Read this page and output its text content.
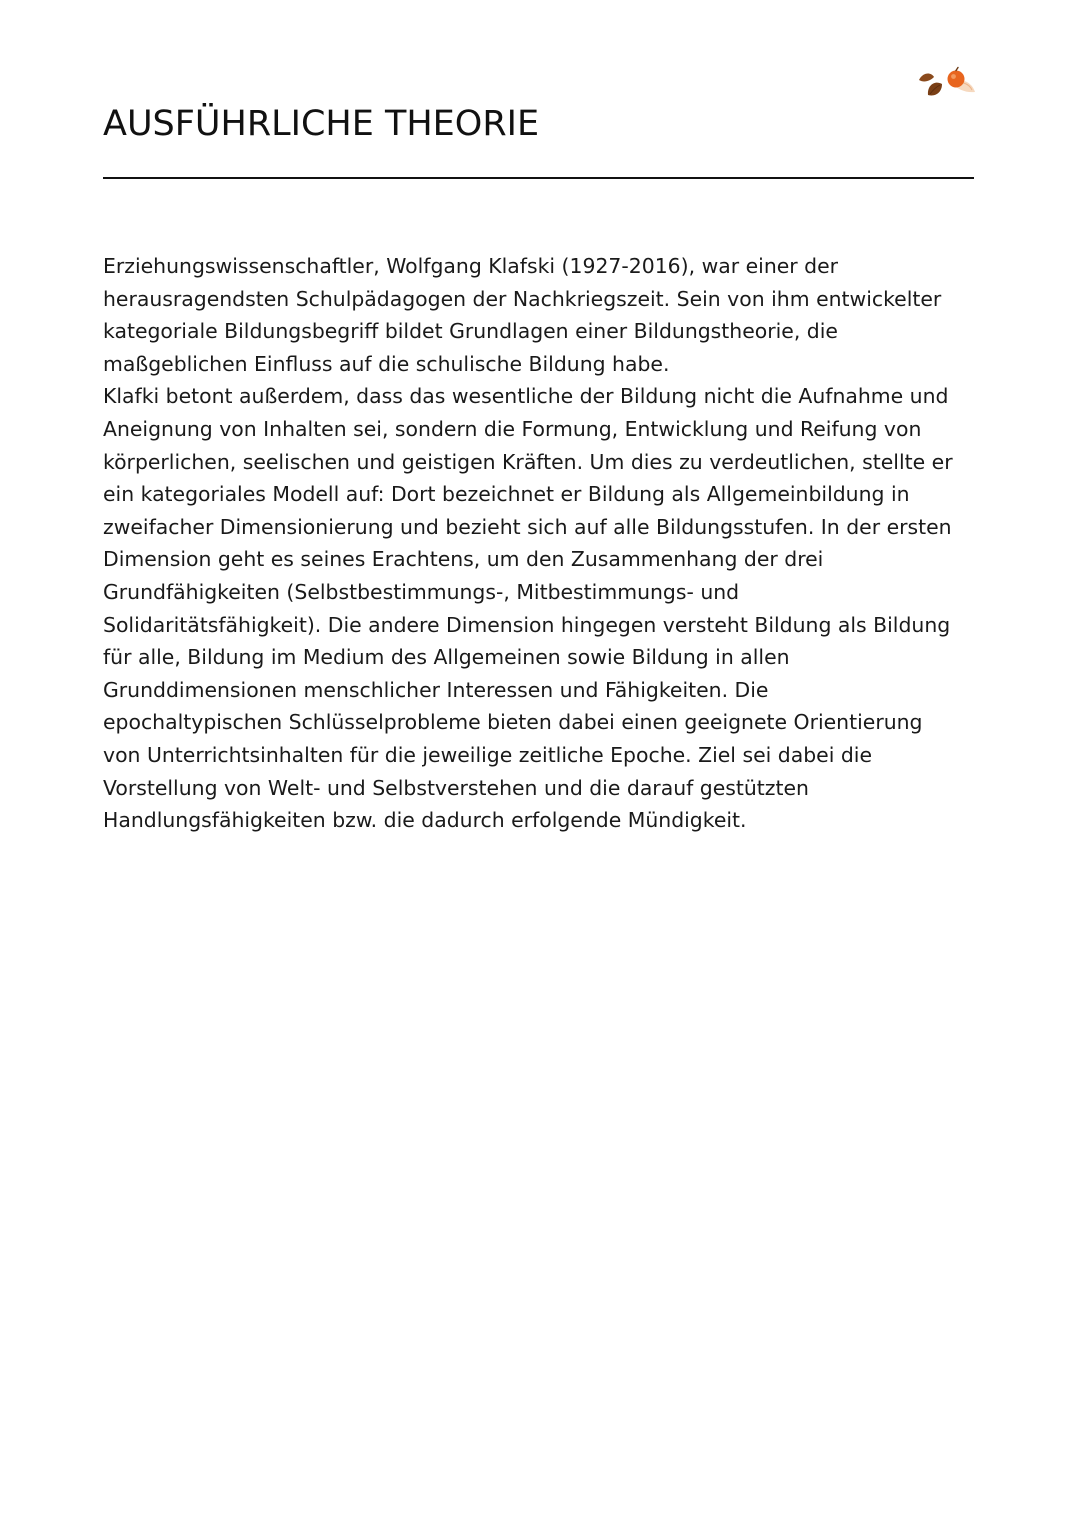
AUSFÜHRLICHE THEORIE

Erziehungswissenschaftler, Wolfgang Klafski (1927-2016), war einer der
herausragendsten Schulpädagogen der Nachkriegszeit. Sein von ihm entwickelter
kategoriale Bildungsbegriff bildet Grundlagen einer Bildungstheorie, die
maßgeblichen Einfluss auf die schulische Bildung habe.
Klafki betont außerdem, dass das wesentliche der Bildung nicht die Aufnahme und
Aneignung von Inhalten sei, sondern die Formung, Entwicklung und Reifung von
körperlichen, seelischen und geistigen Kräften. Um dies zu verdeutlichen, stellte er
ein kategoriales Modell auf: Dort bezeichnet er Bildung als Allgemeinbildung in
zweifacher Dimensionierung und bezieht sich auf alle Bildungsstufen. In der ersten
Dimension geht es seines Erachtens, um den Zusammenhang der drei
Grundfähigkeiten (Selbstbestimmungs-, Mitbestimmungs- und
Solidaritätsfähigkeit). Die andere Dimension hingegen versteht Bildung als Bildung
für alle, Bildung im Medium des Allgemeinen sowie Bildung in allen
Grunddimensionen menschlicher Interessen und Fähigkeiten. Die
epochaltypischen Schlüsselprobleme bieten dabei einen geeignete Orientierung
von Unterrichtsinhalten für die jeweilige zeitliche Epoche. Ziel sei dabei die
Vorstellung von Welt- und Selbstverstehen und die darauf gestützten
Handlungsfähigkeiten bzw. die dadurch erfolgende Mündigkeit.
